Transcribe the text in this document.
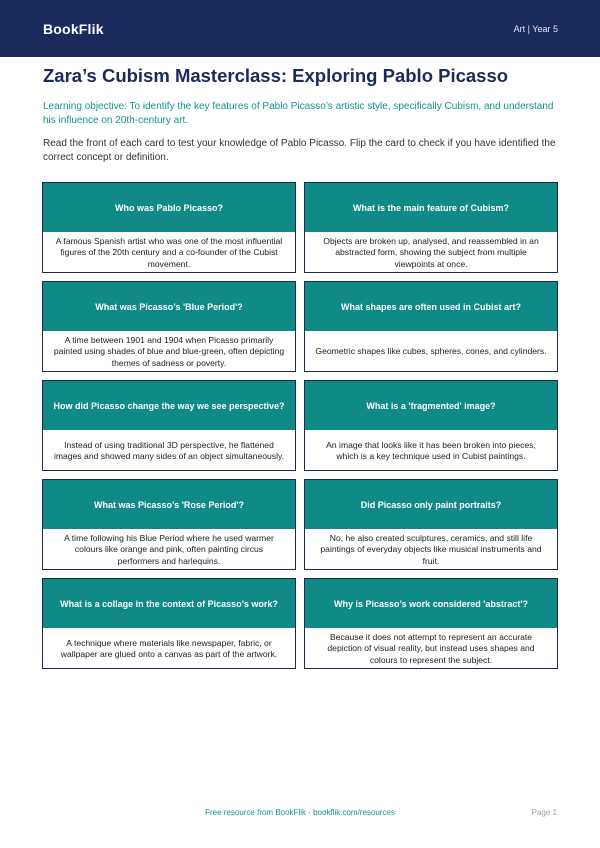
BookFlik	Art | Year 5
Zara’s Cubism Masterclass: Exploring Pablo Picasso

Learning objective: To identify the key features of Pablo Picasso’s artistic style, specifically Cubism, and understand his influence on 20th-century art.

Read the front of each card to test your knowledge of Pablo Picasso. Flip the card to check if you have identified the correct concept or definition.

Who was Pablo Picasso?
A famous Spanish artist who was one of the most influential figures of the 20th century and a co-founder of the Cubist movement.
What is the main feature of Cubism?
Objects are broken up, analysed, and reassembled in an abstracted form, showing the subject from multiple viewpoints at once.
What was Picasso’s 'Blue Period'?
A time between 1901 and 1904 when Picasso primarily painted using shades of blue and blue-green, often depicting themes of sadness or poverty.
What shapes are often used in Cubist art?
Geometric shapes like cubes, spheres, cones, and cylinders.
How did Picasso change the way we see perspective?
Instead of using traditional 3D perspective, he flattened images and showed many sides of an object simultaneously.
What is a 'fragmented' image?
An image that looks like it has been broken into pieces, which is a key technique used in Cubist paintings.
What was Picasso’s 'Rose Period'?
A time following his Blue Period where he used warmer colours like orange and pink, often painting circus performers and harlequins.
Did Picasso only paint portraits?
No, he also created sculptures, ceramics, and still life paintings of everyday objects like musical instruments and fruit.
What is a collage in the context of Picasso’s work?
A technique where materials like newspaper, fabric, or wallpaper are glued onto a canvas as part of the artwork.
Why is Picasso’s work considered 'abstract'?
Because it does not attempt to represent an accurate depiction of visual reality, but instead uses shapes and colours to represent the subject.
Free resource from BookFlik · bookflik.com/resources	Page 1
